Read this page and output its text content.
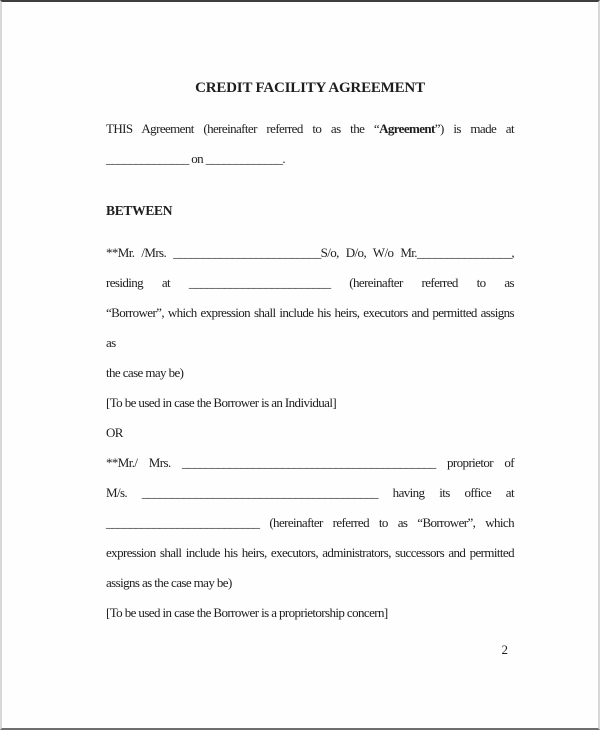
CREDIT FACILITY AGREEMENT

THIS Agreement (hereinafter referred to as the “Agreement”) is made at

______________ on _____________.

BETWEEN

**Mr. /Mrs. _________________________S/o, D/o, W/o Mr.________________,

residing at ________________________ (hereinafter referred to as

“Borrower”, which expression shall include his heirs, executors and permitted assigns as

the case may be)

[To be used in case the Borrower is an Individual]

OR

**Mr./ Mrs. ___________________________________________ proprietor of

M/s. ________________________________________ having its office at

__________________________ (hereinafter referred to as “Borrower”, which

expression shall include his heirs, executors, administrators, successors and permitted

assigns as the case may be)

[To be used in case the Borrower is a proprietorship concern]

2
